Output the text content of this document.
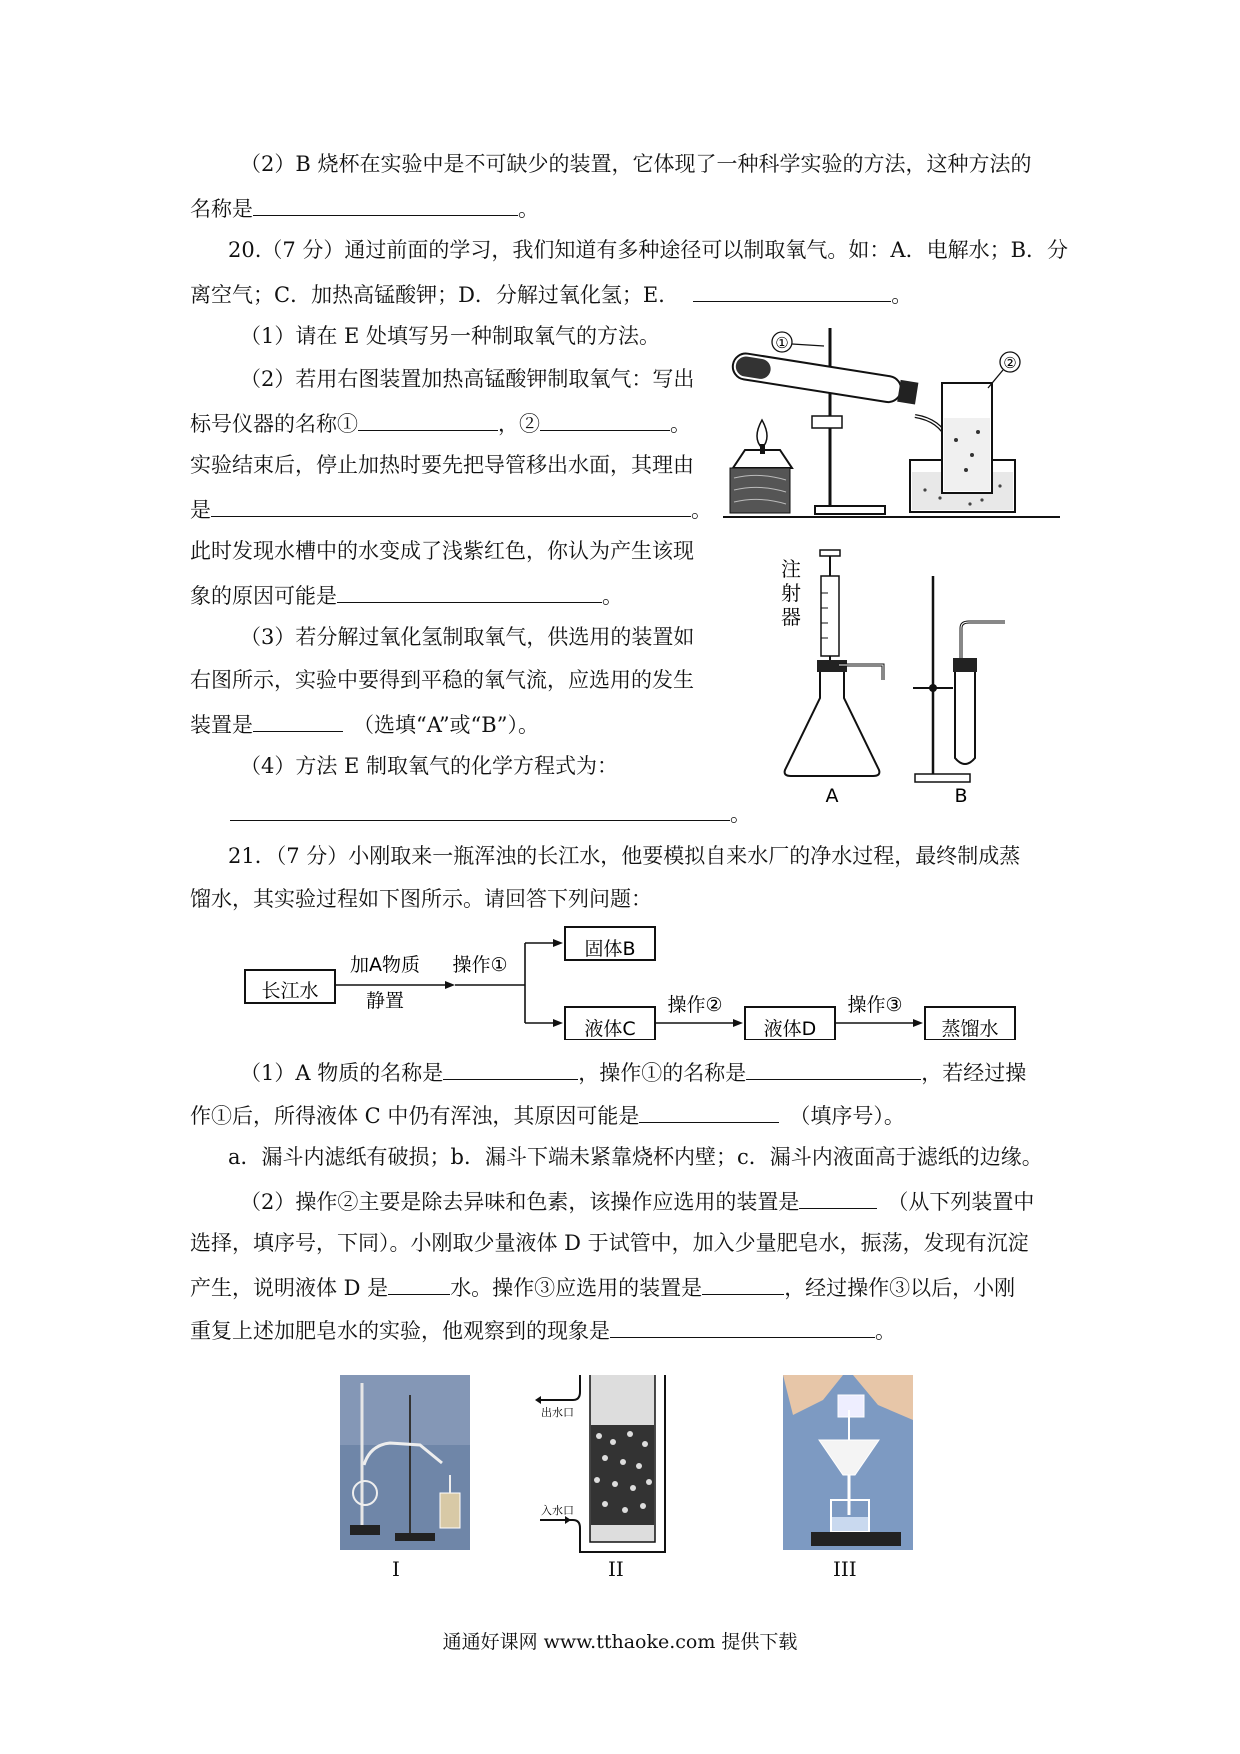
（2）B 烧杯在实验中是不可缺少的装置，它体现了一种科学实验的方法，这种方法的
名称是	。
20.（7 分）通过前面的学习，我们知道有多种途径可以制取氧气。如：A．电解水；B．分
离空气；C．加热高锰酸钾；D．分解过氧化氢；E．	。
（1）请在 E 处填写另一种制取氧气的方法。
（2）若用右图装置加热高锰酸钾制取氧气：写出
标号仪器的名称①	，②	。
实验结束后，停止加热时要先把导管移出水面，其理由
是	。
此时发现水槽中的水变成了浅紫红色，你认为产生该现
象的原因可能是	。
（3）若分解过氧化氢制取氧气，供选用的装置如
右图所示，实验中要得到平稳的氧气流，应选用的发生
装置是	（选填“A”或“B”）。
（4）方法 E 制取氧气的化学方程式为：
。
①
②
注
射
器
A	B
21．（7 分）小刚取来一瓶浑浊的长江水，他要模拟自来水厂的净水过程，最终制成蒸
馏水，其实验过程如下图所示。请回答下列问题：
长江水
加A物质
静置
操作①
固体B
液体C
操作②
液体D
操作③
蒸馏水
（1）A 物质的名称是	，操作①的名称是	，若经过操
作①后，所得液体 C 中仍有浑浊，其原因可能是	（填序号）。
a．漏斗内滤纸有破损；b．漏斗下端未紧靠烧杯内壁；c．漏斗内液面高于滤纸的边缘。
（2）操作②主要是除去异味和色素，该操作应选用的装置是	（从下列装置中
选择，填序号，下同）。小刚取少量液体 D 于试管中，加入少量肥皂水，振荡，发现有沉淀
产生，说明液体 D 是	水。操作③应选用的装置是	，经过操作③以后，小刚
重复上述加肥皂水的实验，他观察到的现象是	。
I
出水口
入水口
II	III
通通好课网 www.tthaoke.com 提供下载
